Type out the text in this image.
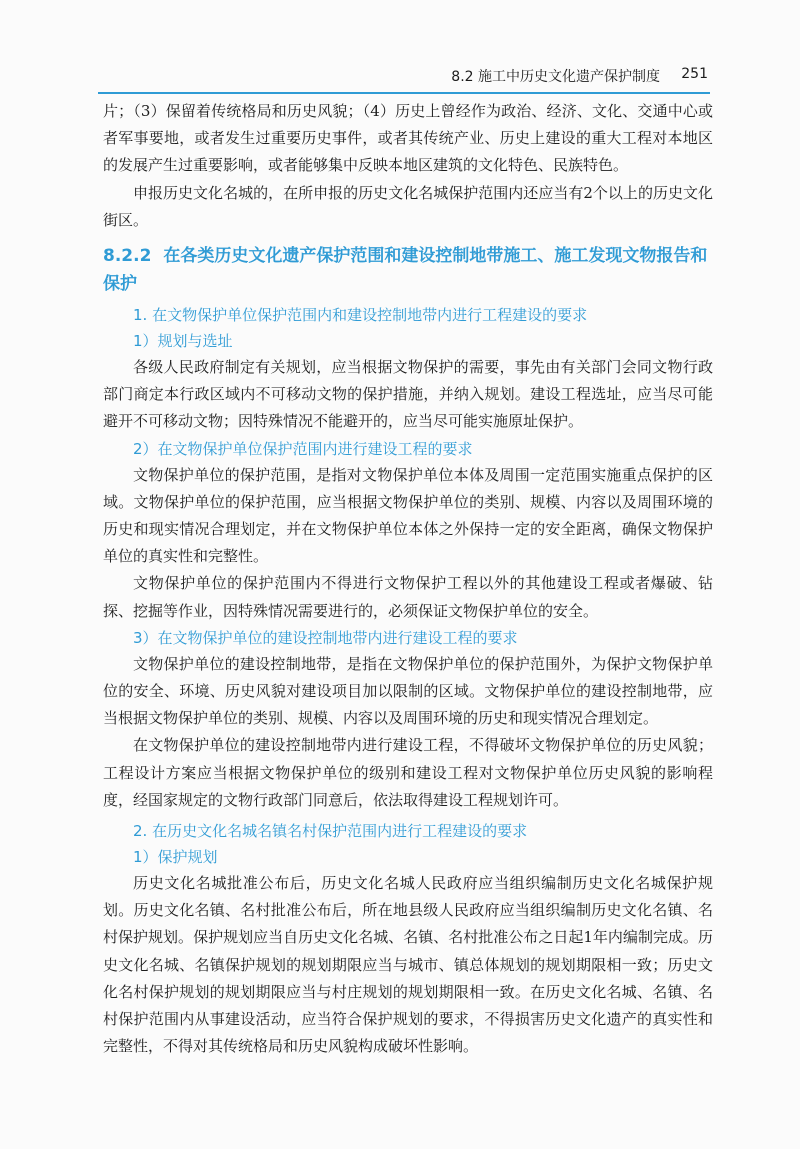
8.2 施工中历史文化遗产保护制度 251

片；（3）保留着传统格局和历史风貌；（4）历史上曾经作为政治、经济、文化、交通中心或者军事要地，或者发生过重要历史事件，或者其传统产业、历史上建设的重大工程对本地区的发展产生过重要影响，或者能够集中反映本地区建筑的文化特色、民族特色。

申报历史文化名城的，在所申报的历史文化名城保护范围内还应当有2个以上的历史文化街区。

8.2.2 在各类历史文化遗产保护范围和建设控制地带施工、施工发现文物报告和保护
1. 在文物保护单位保护范围内和建设控制地带内进行工程建设的要求
1）规划与选址

各级人民政府制定有关规划，应当根据文物保护的需要，事先由有关部门会同文物行政部门商定本行政区域内不可移动文物的保护措施，并纳入规划。建设工程选址，应当尽可能避开不可移动文物；因特殊情况不能避开的，应当尽可能实施原址保护。

2）在文物保护单位保护范围内进行建设工程的要求

文物保护单位的保护范围，是指对文物保护单位本体及周围一定范围实施重点保护的区域。文物保护单位的保护范围，应当根据文物保护单位的类别、规模、内容以及周围环境的历史和现实情况合理划定，并在文物保护单位本体之外保持一定的安全距离，确保文物保护单位的真实性和完整性。

文物保护单位的保护范围内不得进行文物保护工程以外的其他建设工程或者爆破、钻探、挖掘等作业，因特殊情况需要进行的，必须保证文物保护单位的安全。

3）在文物保护单位的建设控制地带内进行建设工程的要求

文物保护单位的建设控制地带，是指在文物保护单位的保护范围外，为保护文物保护单位的安全、环境、历史风貌对建设项目加以限制的区域。文物保护单位的建设控制地带，应当根据文物保护单位的类别、规模、内容以及周围环境的历史和现实情况合理划定。

在文物保护单位的建设控制地带内进行建设工程，不得破坏文物保护单位的历史风貌；工程设计方案应当根据文物保护单位的级别和建设工程对文物保护单位历史风貌的影响程度，经国家规定的文物行政部门同意后，依法取得建设工程规划许可。

2. 在历史文化名城名镇名村保护范围内进行工程建设的要求
1）保护规划

历史文化名城批准公布后，历史文化名城人民政府应当组织编制历史文化名城保护规划。历史文化名镇、名村批准公布后，所在地县级人民政府应当组织编制历史文化名镇、名村保护规划。保护规划应当自历史文化名城、名镇、名村批准公布之日起1年内编制完成。历史文化名城、名镇保护规划的规划期限应当与城市、镇总体规划的规划期限相一致；历史文化名村保护规划的规划期限应当与村庄规划的规划期限相一致。在历史文化名城、名镇、名村保护范围内从事建设活动，应当符合保护规划的要求，不得损害历史文化遗产的真实性和完整性，不得对其传统格局和历史风貌构成破坏性影响。
